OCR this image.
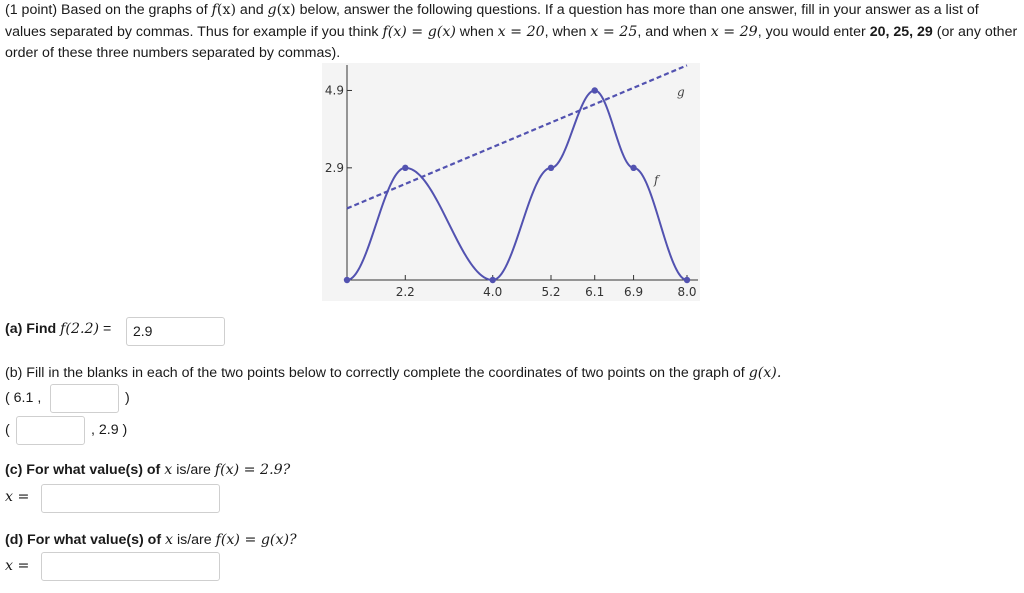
(1 point) Based on the graphs of f(x) and g(x) below, answer the following questions. If a question has more than one answer, fill in your answer as a list of values separated by commas. Thus for example if you think f(x) = g(x) when x = 20, when x = 25, and when x = 29, you would enter 20, 25, 29 (or any other order of these three numbers separated by commas).
2.2	4.0	5.2 6.1 6.9	8.0
2.9
4.9	g
f
(a) Find f(2.2) =	2.9
(b) Fill in the blanks in each of the two points below to correctly complete the coordinates of two points on the graph of g(x).
( 6.1 ,	)
(	, 2.9 )
(c) For what value(s) of x is/are f(x) = 2.9?
x =
(d) For what value(s) of x is/are f(x) = g(x)?
x =
